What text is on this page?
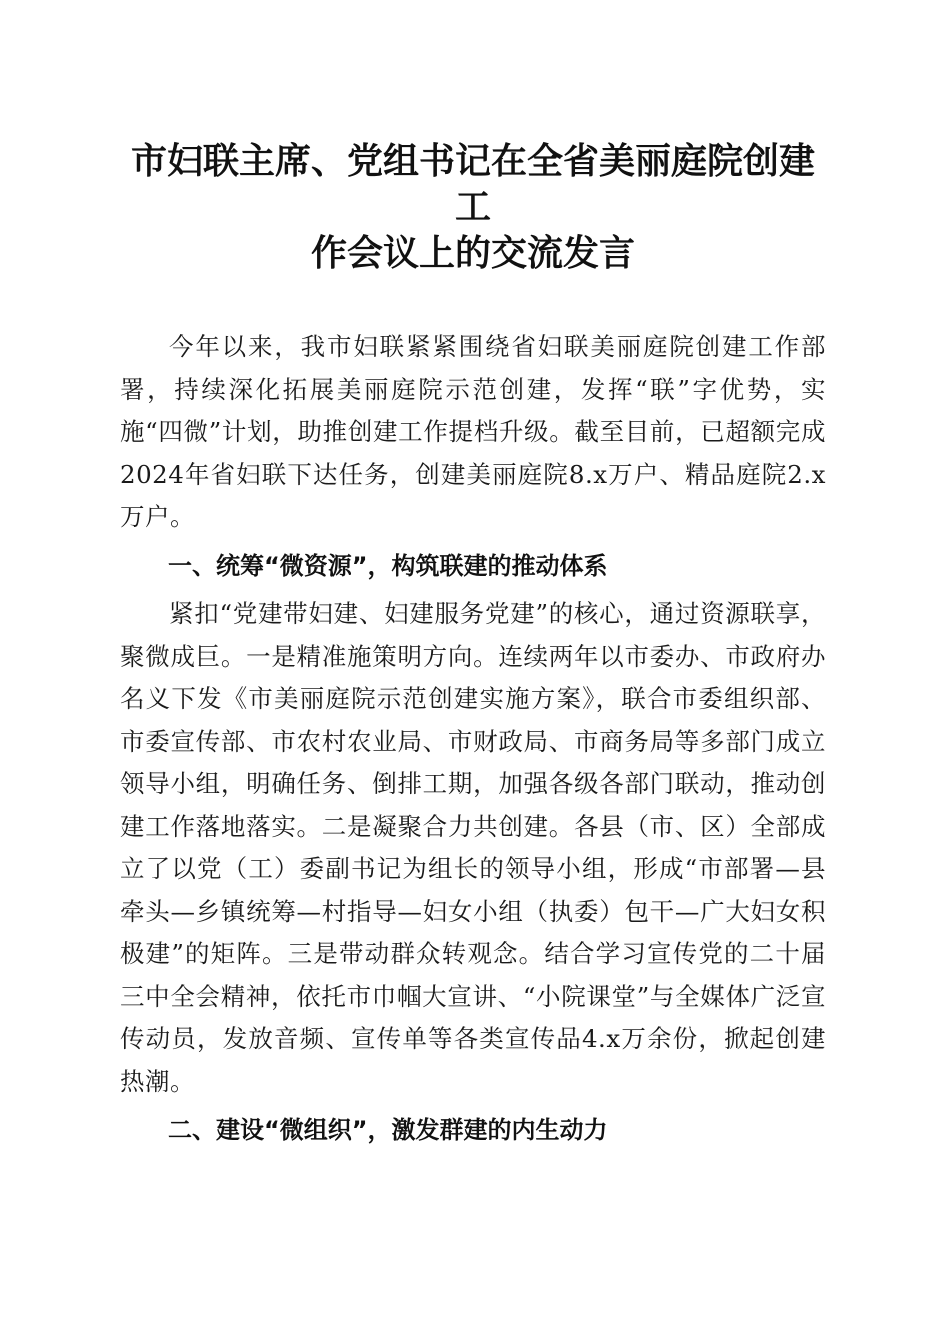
市妇联主席、党组书记在全省美丽庭院创建工
作会议上的交流发言

今年以来，我市妇联紧紧围绕省妇联美丽庭院创建工作部署，持续深化拓展美丽庭院示范创建，发挥“联”字优势，实施“四微”计划，助推创建工作提档升级。截至目前，已超额完成2024年省妇联下达任务，创建美丽庭院8.x万户、精品庭院2.x万户。

一、统筹“微资源”，构筑联建的推动体系

紧扣“党建带妇建、妇建服务党建”的核心，通过资源联享，聚微成巨。一是精准施策明方向。连续两年以市委办、市政府办名义下发《市美丽庭院示范创建实施方案》，联合市委组织部、市委宣传部、市农村农业局、市财政局、市商务局等多部门成立领导小组，明确任务、倒排工期，加强各级各部门联动，推动创建工作落地落实。二是凝聚合力共创建。各县（市、区）全部成立了以党（工）委副书记为组长的领导小组，形成“市部署—县牵头—乡镇统筹—村指导—妇女小组（执委）包干—广大妇女积极建”的矩阵。三是带动群众转观念。结合学习宣传党的二十届三中全会精神，依托市巾帼大宣讲、“小院课堂”与全媒体广泛宣传动员，发放音频、宣传单等各类宣传品4.x万余份，掀起创建热潮。

二、建设“微组织”，激发群建的内生动力
